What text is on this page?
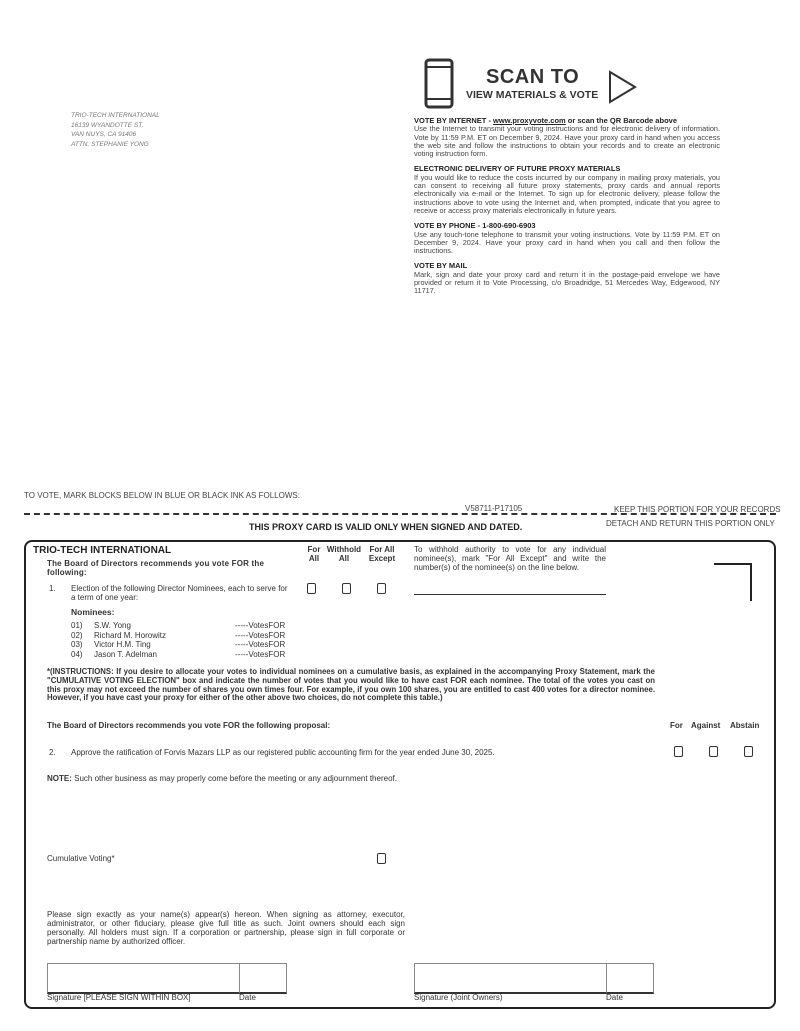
TRIO-TECH INTERNATIONAL
16139 WYANDOTTE ST.
VAN NUYS, CA 91406
ATTN. STEPHANIE YONG
SCAN TO
VIEW MATERIALS & VOTE
VOTE BY INTERNET - www.proxyvote.com or scan the QR Barcode above

Use the Internet to transmit your voting instructions and for electronic delivery of information. Vote by 11:59 P.M. ET on December 9, 2024. Have your proxy card in hand when you access the web site and follow the instructions to obtain your records and to create an electronic voting instruction form.

ELECTRONIC DELIVERY OF FUTURE PROXY MATERIALS

If you would like to reduce the costs incurred by our company in mailing proxy materials, you can consent to receiving all future proxy statements, proxy cards and annual reports electronically via e-mail or the Internet. To sign up for electronic delivery, please follow the instructions above to vote using the Internet and, when prompted, indicate that you agree to receive or access proxy materials electronically in future years.

VOTE BY PHONE - 1-800-690-6903

Use any touch-tone telephone to transmit your voting instructions. Vote by 11:59 P.M. ET on December 9, 2024. Have your proxy card in hand when you call and then follow the instructions.

VOTE BY MAIL

Mark, sign and date your proxy card and return it in the postage-paid envelope we have provided or return it to Vote Processing, c/o Broadridge, 51 Mercedes Way, Edgewood, NY 11717.

TO VOTE, MARK BLOCKS BELOW IN BLUE OR BLACK INK AS FOLLOWS:
V58711-P17105	KEEP THIS PORTION FOR YOUR RECORDS
DETACH AND RETURN THIS PORTION ONLY
THIS PROXY CARD IS VALID ONLY WHEN SIGNED AND DATED.
TRIO-TECH INTERNATIONAL
The Board of Directors recommends you vote FOR the following:
For All
Withhold All
For All Except
To withhold authority to vote for any individual nominee(s), mark "For All Except" and write the number(s) of the nominee(s) on the line below.
1. Election of the following Director Nominees, each to serve for a term of one year:
Nominees:
01) S.W. Yong	-----VotesFOR
02) Richard M. Horowitz	-----VotesFOR
03) Victor H.M. Ting	-----VotesFOR
04) Jason T. Adelman	-----VotesFOR
*(INSTRUCTIONS: If you desire to allocate your votes to individual nominees on a cumulative basis, as explained in the accompanying Proxy Statement, mark the "CUMULATIVE VOTING ELECTION" box and indicate the number of votes that you would like to have cast FOR each nominee. The total of the votes you cast on this proxy may not exceed the number of shares you own times four. For example, if you own 100 shares, you are entitled to cast 400 votes for a director nominee. However, if you have cast your proxy for either of the other above two choices, do not complete this table.)
The Board of Directors recommends you vote FOR the following proposal:	For Against Abstain
2. Approve the ratification of Forvis Mazars LLP as our registered public accounting firm for the year ended June 30, 2025.
NOTE: Such other business as may properly come before the meeting or any adjournment thereof.
Cumulative Voting*
Please sign exactly as your name(s) appear(s) hereon. When signing as attorney, executor, administrator, or other fiduciary, please give full title as such. Joint owners should each sign personally. All holders must sign. If a corporation or partnership, please sign in full corporate or partnership name by authorized officer.
Signature [PLEASE SIGN WITHIN BOX]	Date	Signature (Joint Owners)	Date
